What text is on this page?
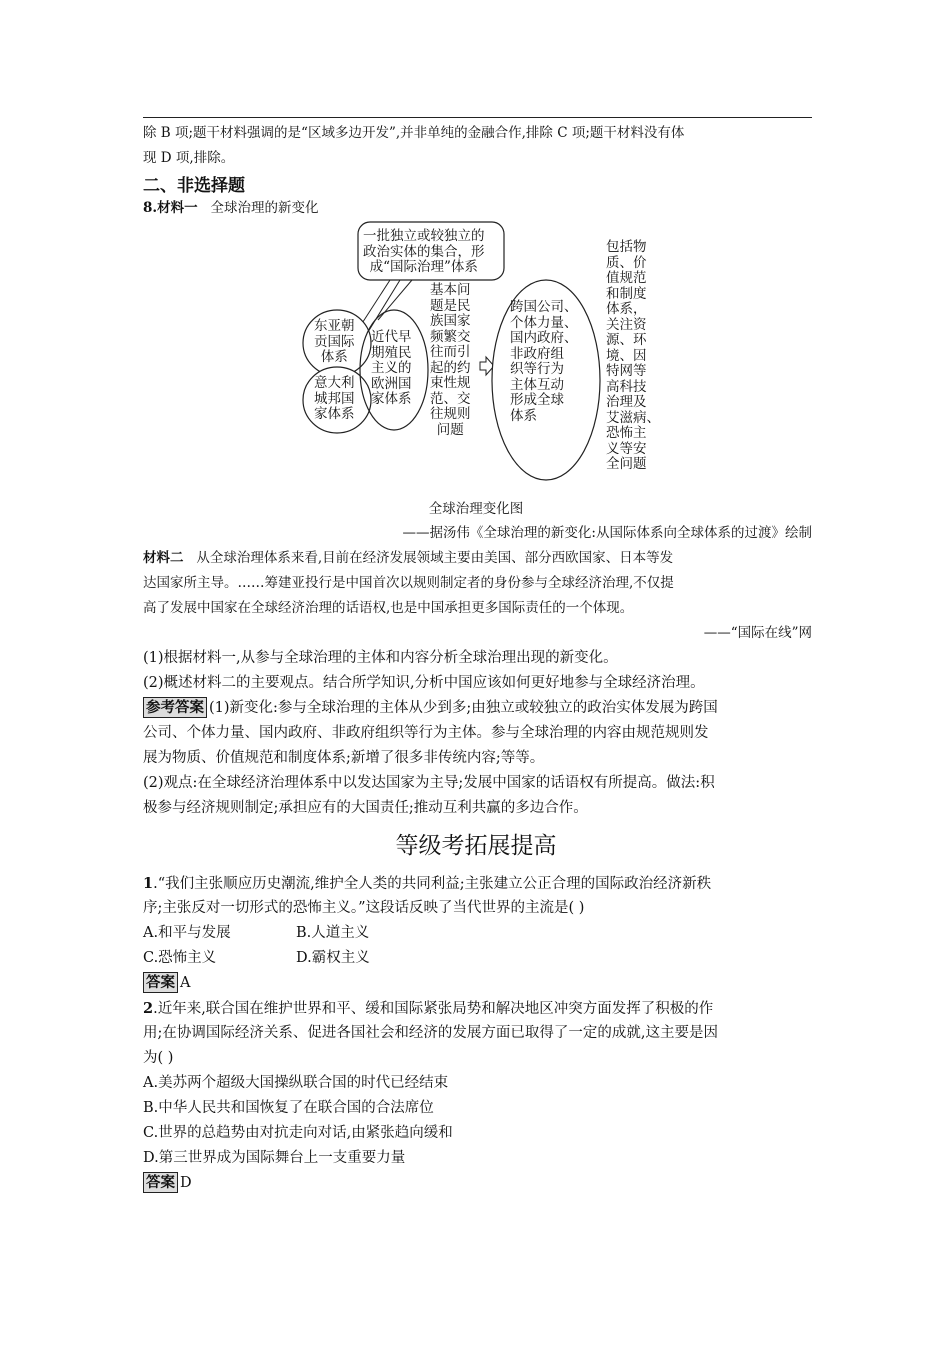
除 B 项;题干材料强调的是“区域多边开发”,并非单纯的金融合作,排除 C 项;题干材料没有体
现 D 项,排除。
二、非选择题
8.材料一 全球治理的新变化
一批独立或较独立的
政治实体的集合，形
成“国际治理”体系
东亚朝
贡国际
体系
意大利
城邦国
家体系
近代早
期殖民
主义的
欧洲国
家体系
基本问
题是民
族国家
频繁交
往而引
起的约
束性规
范、交
往规则
问题
跨国公司、
个体力量、
国内政府、
非政府组
织等行为
主体互动
形成全球
体系
包括物
质、价
值规范
和制度
体系，
关注资
源、环
境、因
特网等
高科技
治理及
艾滋病、
恐怖主
义等安
全问题
全球治理变化图
——据汤伟《全球治理的新变化:从国际体系向全球体系的过渡》绘制
材料二 从全球治理体系来看,目前在经济发展领域主要由美国、部分西欧国家、日本等发
达国家所主导。……筹建亚投行是中国首次以规则制定者的身份参与全球经济治理,不仅提
高了发展中国家在全球经济治理的话语权,也是中国承担更多国际责任的一个体现。
——“国际在线”网
(1)根据材料一,从参与全球治理的主体和内容分析全球治理出现的新变化。
(2)概述材料二的主要观点。结合所学知识,分析中国应该如何更好地参与全球经济治理。
参考答案 (1)新变化:参与全球治理的主体从少到多;由独立或较独立的政治实体发展为跨国
公司、个体力量、国内政府、非政府组织等行为主体。参与全球治理的内容由规范规则发
展为物质、价值规范和制度体系;新增了很多非传统内容;等等。
(2)观点:在全球经济治理体系中以发达国家为主导;发展中国家的话语权有所提高。做法:积
极参与经济规则制定;承担应有的大国责任;推动互利共赢的多边合作。
等级考拓展提高
1.“我们主张顺应历史潮流,维护全人类的共同利益;主张建立公正合理的国际政治经济新秩
序;主张反对一切形式的恐怖主义。”这段话反映了当代世界的主流是( )
A.和平与发展	B.人道主义
C.恐怖主义	D.霸权主义
答案 A
2.近年来,联合国在维护世界和平、缓和国际紧张局势和解决地区冲突方面发挥了积极的作
用;在协调国际经济关系、促进各国社会和经济的发展方面已取得了一定的成就,这主要是因
为( )
A.美苏两个超级大国操纵联合国的时代已经结束
B.中华人民共和国恢复了在联合国的合法席位
C.世界的总趋势由对抗走向对话,由紧张趋向缓和
D.第三世界成为国际舞台上一支重要力量
答案 D
